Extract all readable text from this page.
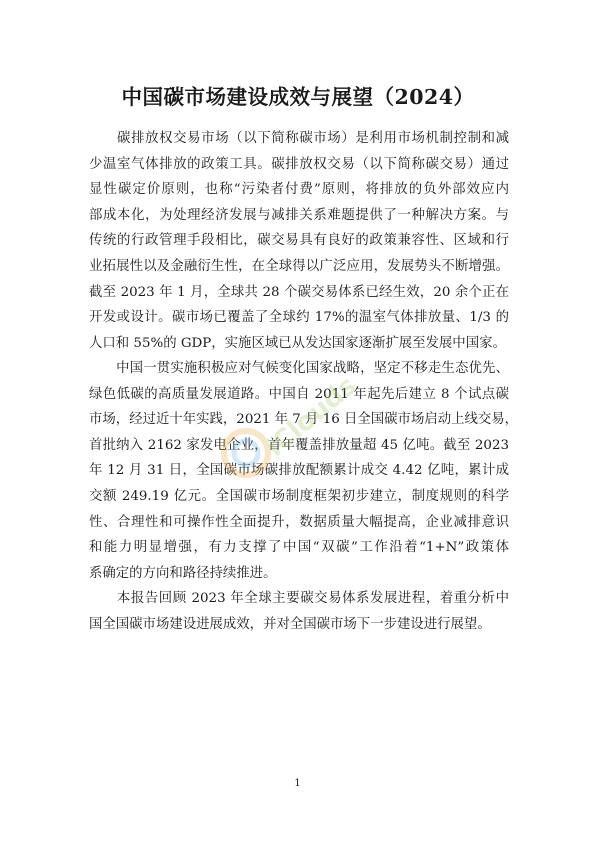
中国碳市场建设成效与展望（2024）

　　碳排放权交易市场（以下简称碳市场）是利用市场机制控制和减
少温室气体排放的政策工具。碳排放权交易（以下简称碳交易）通过
显性碳定价原则，也称“污染者付费”原则，将排放的负外部效应内
部成本化，为处理经济发展与减排关系难题提供了一种解决方案。与
传统的行政管理手段相比，碳交易具有良好的政策兼容性、区域和行
业拓展性以及金融衍生性，在全球得以广泛应用，发展势头不断增强。
截至 2023 年 1 月，全球共 28 个碳交易体系已经生效，20 余个正在
开发或设计。碳市场已覆盖了全球约 17%的温室气体排放量、1/3 的
人口和 55%的 GDP，实施区域已从发达国家逐渐扩展至发展中国家。

　　中国一贯实施积极应对气候变化国家战略，坚定不移走生态优先、
绿色低碳的高质量发展道路。中国自 2011 年起先后建立 8 个试点碳
市场，经过近十年实践，2021 年 7 月 16 日全国碳市场启动上线交易，
首批纳入 2162 家发电企业，首年覆盖排放量超 45 亿吨。截至 2023
年 12 月 31 日，全国碳市场碳排放配额累计成交 4.42 亿吨，累计成
交额 249.19 亿元。全国碳市场制度框架初步建立，制度规则的科学
性、合理性和可操作性全面提升，数据质量大幅提高，企业减排意识
和能力明显增强，有力支撑了中国“双碳”工作沿着“1+N”政策体
系确定的方向和路径持续推进。

　　本报告回顾 2023 年全球主要碳交易体系发展进程，着重分析中
国全国碳市场建设进展成效，并对全国碳市场下一步建设进行展望。

iClouds
1
